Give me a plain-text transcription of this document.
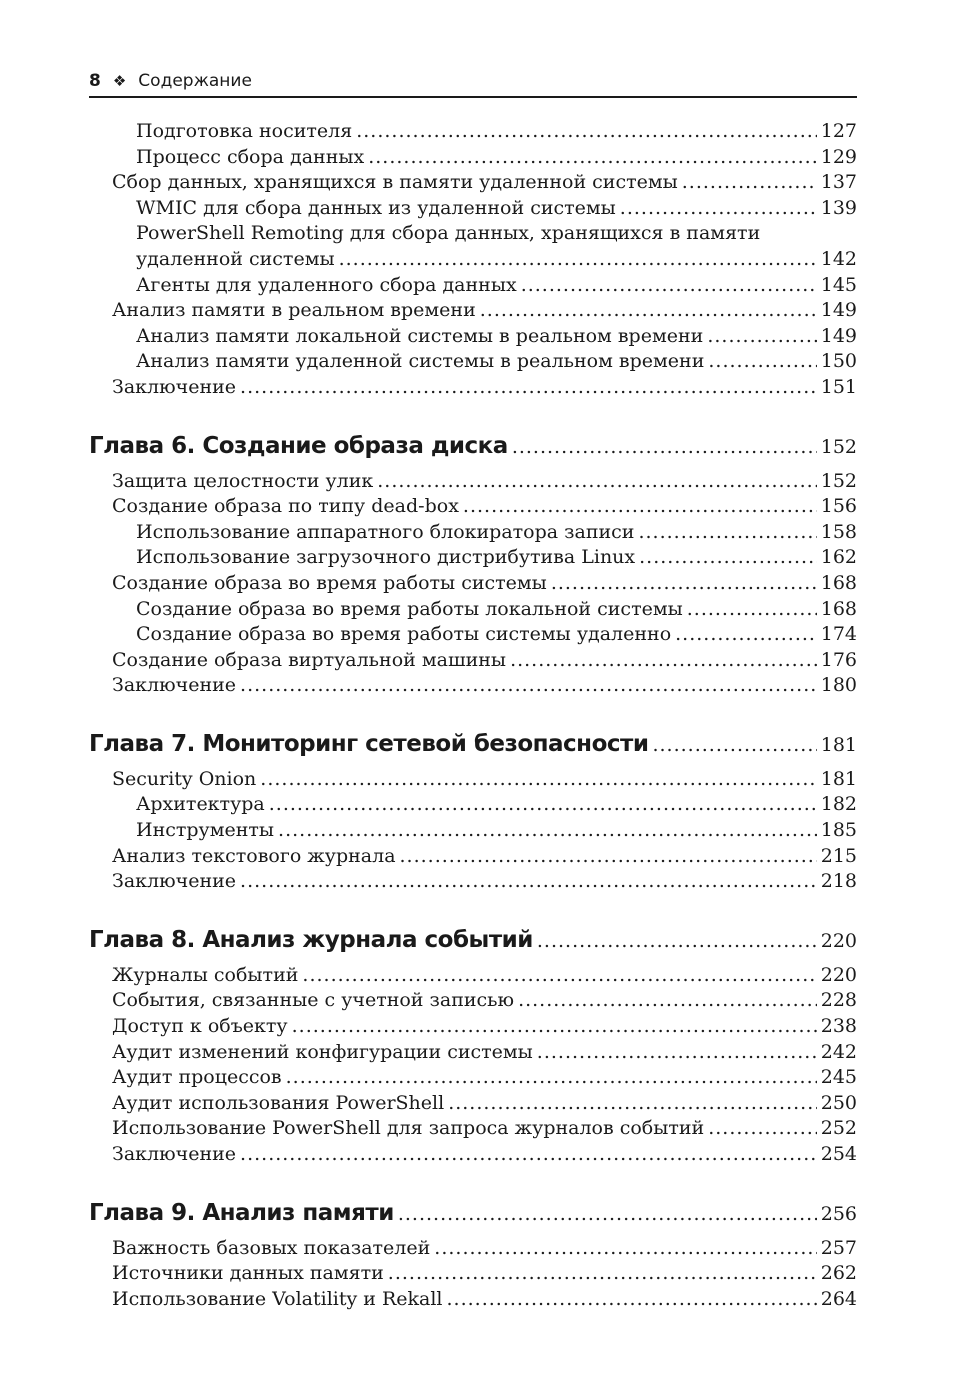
8 ❖ Содержание
Подготовка носителя .....	127
Процесс сбора данных .....	129
Сбор данных, хранящихся в памяти удаленной системы .....	137
WMIC для сбора данных из удаленной системы .....	139
PowerShell Remoting для сбора данных, хранящихся в памяти
удаленной системы .....	142
Агенты для удаленного сбора данных .....	145
Анализ памяти в реальном времени .....	149
Анализ памяти локальной системы в реальном времени .....	149
Анализ памяти удаленной системы в реальном времени .....	150
Заключение .....	151
Глава 6. Создание образа диска .....	152
Защита целостности улик .....	152
Создание образа по типу dead-box .....	156
Использование аппаратного блокиратора записи .....	158
Использование загрузочного дистрибутива Linux .....	162
Создание образа во время работы системы .....	168
Создание образа во время работы локальной системы .....	168
Создание образа во время работы системы удаленно .....	174
Создание образа виртуальной машины .....	176
Заключение .....	180
Глава 7. Мониторинг сетевой безопасности .....	181
Security Onion .....	181
Архитектура .....	182
Инструменты .....	185
Анализ текстового журнала .....	215
Заключение .....	218
Глава 8. Анализ журнала событий .....	220
Журналы событий .....	220
События, связанные с учетной записью .....	228
Доступ к объекту .....	238
Аудит изменений конфигурации системы .....	242
Аудит процессов .....	245
Аудит использования PowerShell .....	250
Использование PowerShell для запроса журналов событий .....	252
Заключение .....	254
Глава 9. Анализ памяти .....	256
Важность базовых показателей .....	257
Источники данных памяти .....	262
Использование Volatility и Rekall .....	264
